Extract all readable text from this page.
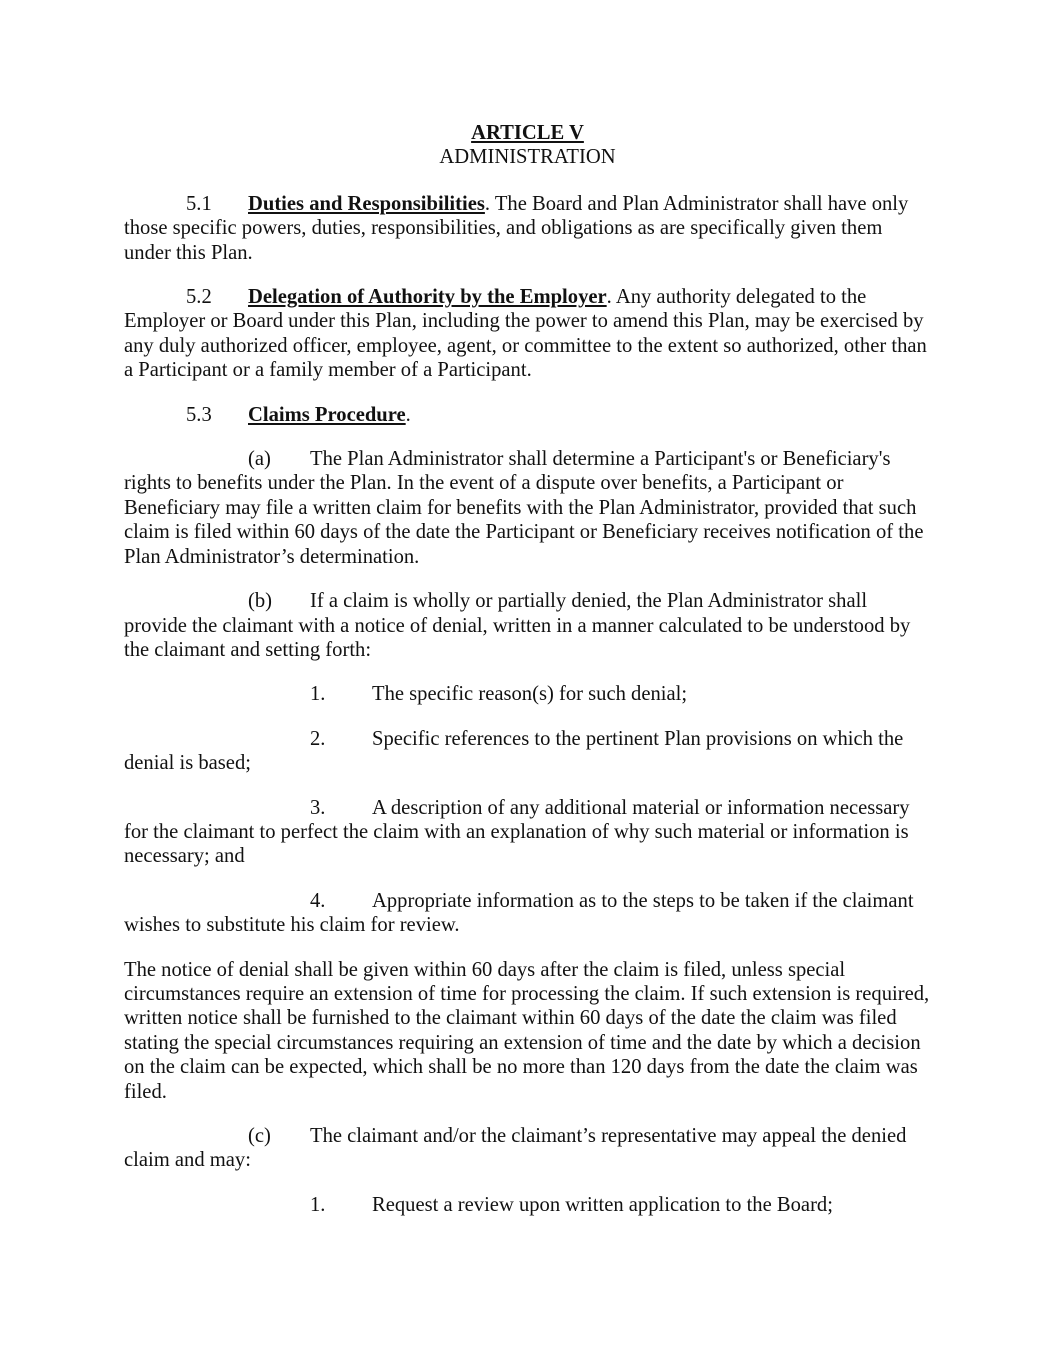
ARTICLE V
ADMINISTRATION

5.1 Duties and Responsibilities. The Board and Plan Administrator shall have only those specific powers, duties, responsibilities, and obligations as are specifically given them under this Plan.

5.2 Delegation of Authority by the Employer. Any authority delegated to the Employer or Board under this Plan, including the power to amend this Plan, may be exercised by any duly authorized officer, employee, agent, or committee to the extent so authorized, other than a Participant or a family member of a Participant.

5.3 Claims Procedure.

(a) The Plan Administrator shall determine a Participant's or Beneficiary's rights to benefits under the Plan. In the event of a dispute over benefits, a Participant or Beneficiary may file a written claim for benefits with the Plan Administrator, provided that such claim is filed within 60 days of the date the Participant or Beneficiary receives notification of the Plan Administrator’s determination.

(b) If a claim is wholly or partially denied, the Plan Administrator shall provide the claimant with a notice of denial, written in a manner calculated to be understood by the claimant and setting forth:

1. The specific reason(s) for such denial;

2. Specific references to the pertinent Plan provisions on which the denial is based;

3. A description of any additional material or information necessary for the claimant to perfect the claim with an explanation of why such material or information is necessary; and

4. Appropriate information as to the steps to be taken if the claimant wishes to substitute his claim for review.

The notice of denial shall be given within 60 days after the claim is filed, unless special circumstances require an extension of time for processing the claim. If such extension is required, written notice shall be furnished to the claimant within 60 days of the date the claim was filed stating the special circumstances requiring an extension of time and the date by which a decision on the claim can be expected, which shall be no more than 120 days from the date the claim was filed.

(c) The claimant and/or the claimant’s representative may appeal the denied claim and may:

1. Request a review upon written application to the Board;
